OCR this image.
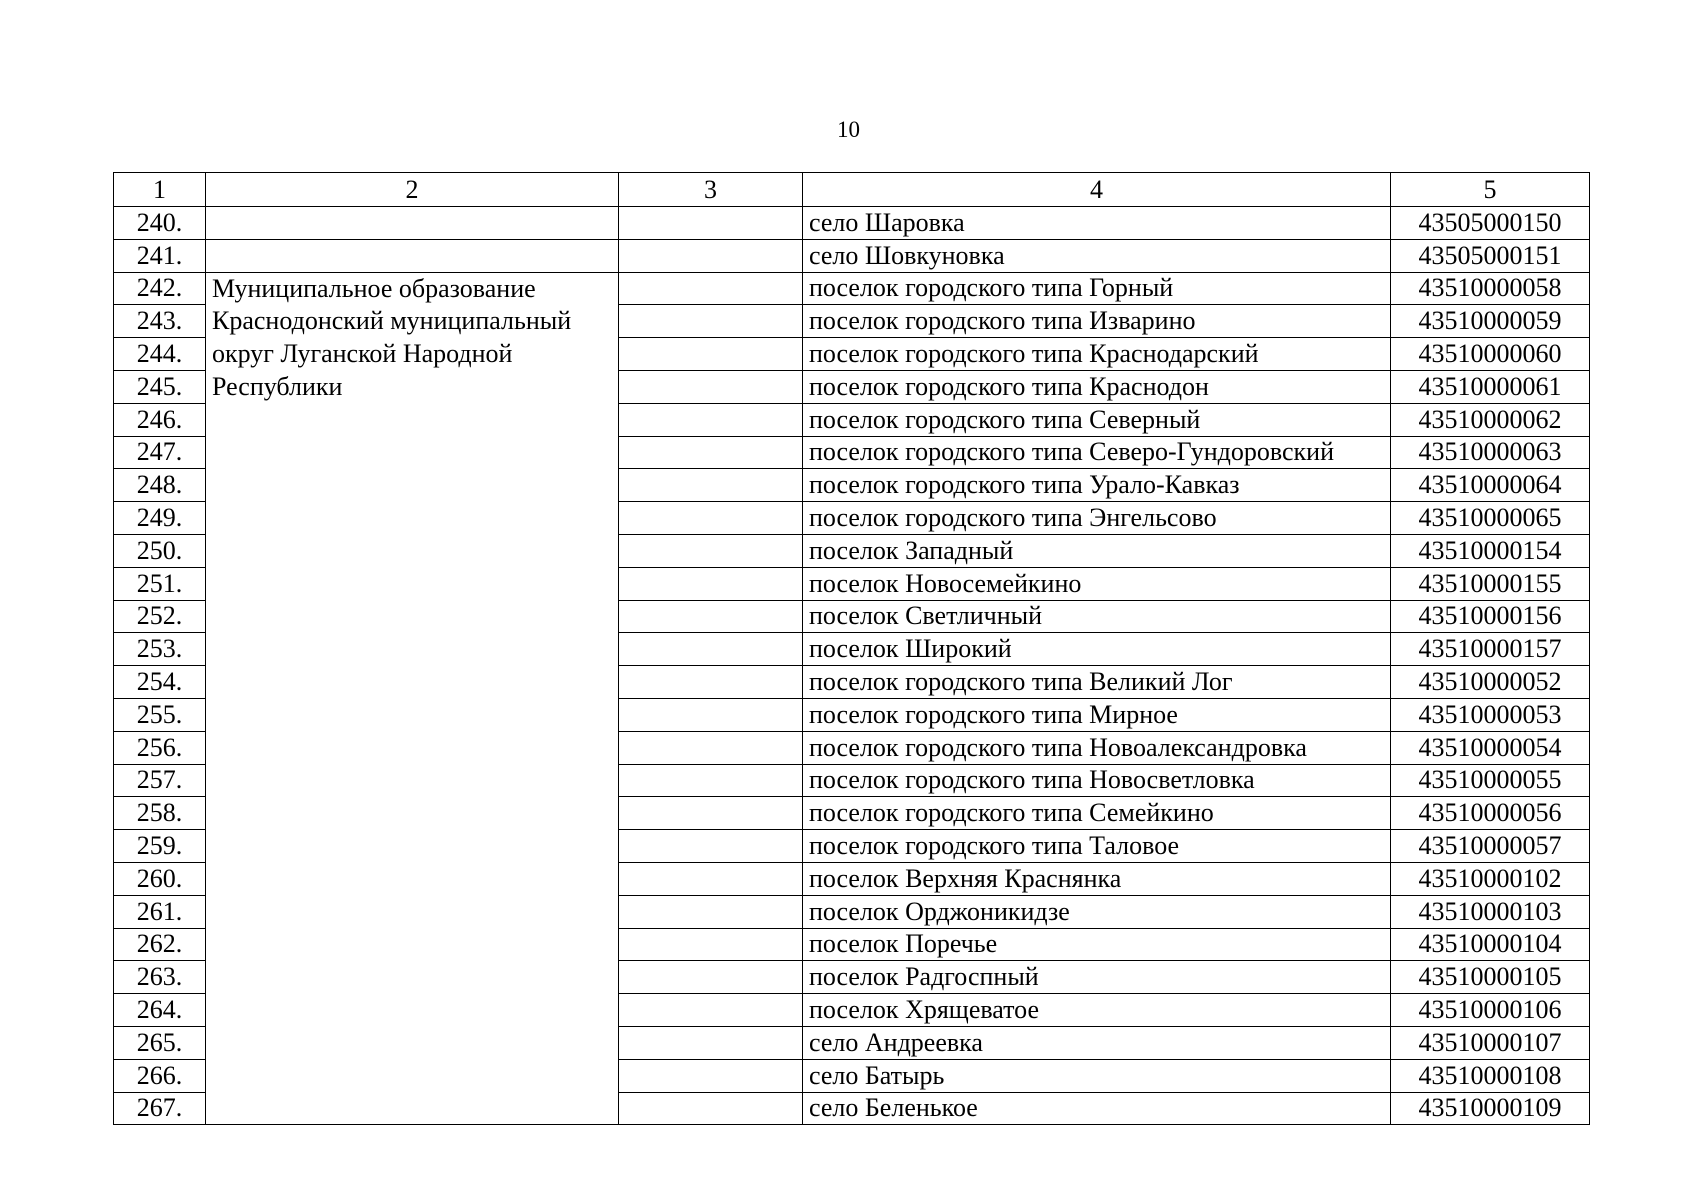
10
1	2	3	4	5
240.			село Шаровка	43505000150
241.			село Шовкуновка	43505000151
242.	Муниципальное образование Краснодонский муниципальный округ Луганской Народной Республики		поселок городского типа Горный	43510000058
243.			поселок городского типа Изварино	43510000059
244.			поселок городского типа Краснодарский	43510000060
245.			поселок городского типа Краснодон	43510000061
246.			поселок городского типа Северный	43510000062
247.			поселок городского типа Северо-Гундоровский	43510000063
248.			поселок городского типа Урало-Кавказ	43510000064
249.			поселок городского типа Энгельсово	43510000065
250.			поселок Западный	43510000154
251.			поселок Новосемейкино	43510000155
252.			поселок Светличный	43510000156
253.			поселок Широкий	43510000157
254.			поселок городского типа Великий Лог	43510000052
255.			поселок городского типа Мирное	43510000053
256.			поселок городского типа Новоалександровка	43510000054
257.			поселок городского типа Новосветловка	43510000055
258.			поселок городского типа Семейкино	43510000056
259.			поселок городского типа Таловое	43510000057
260.			поселок Верхняя Краснянка	43510000102
261.			поселок Орджоникидзе	43510000103
262.			поселок Поречье	43510000104
263.			поселок Радгоспный	43510000105
264.			поселок Хрящеватое	43510000106
265.			село Андреевка	43510000107
266.			село Батырь	43510000108
267.			село Беленькое	43510000109
